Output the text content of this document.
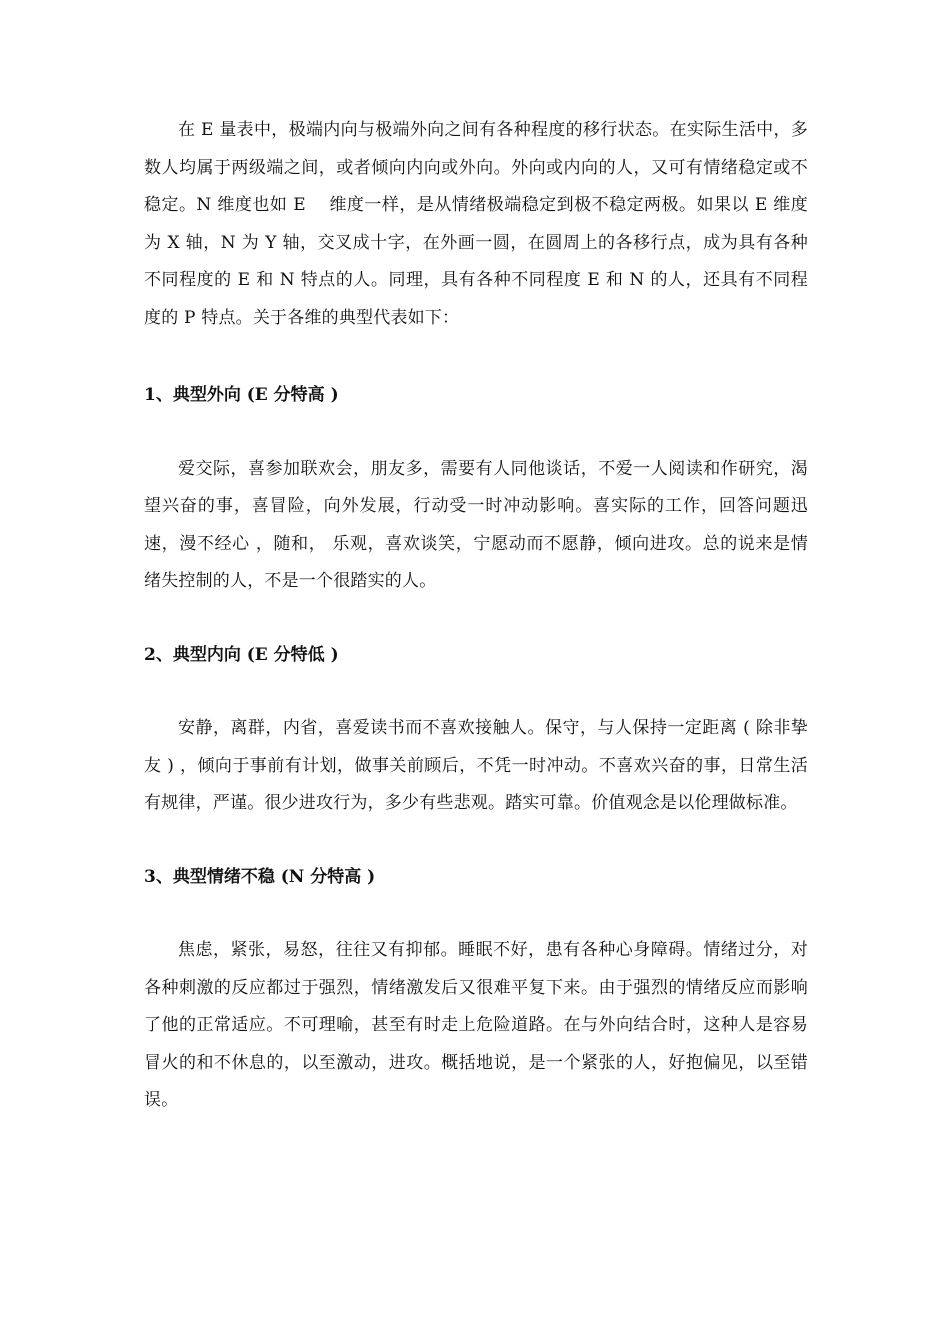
在 E 量表中，极端内向与极端外向之间有各种程度的移行状态。在实际生活中，多数人均属于两级端之间，或者倾向内向或外向。外向或内向的人，又可有情绪稳定或不稳定。N 维度也如 E　 维度一样，是从情绪极端稳定到极不稳定两极。如果以 E 维度为 X 轴，N 为 Y 轴，交叉成十字，在外画一圆，在圆周上的各移行点，成为具有各种不同程度的 E 和 N 特点的人。同理，具有各种不同程度 E 和 N 的人，还具有不同程度的 P 特点。关于各维的典型代表如下：

1、典型外向 (E 分特高 )

爱交际，喜参加联欢会，朋友多，需要有人同他谈话，不爱一人阅读和作研究，渴望兴奋的事，喜冒险，向外发展，行动受一时冲动影响。喜实际的工作，回答问题迅速，漫不经心 ，随和， 乐观，喜欢谈笑，宁愿动而不愿静，倾向进攻。总的说来是情绪失控制的人，不是一个很踏实的人。

2、典型内向 (E 分特低 )

安静，离群，内省，喜爱读书而不喜欢接触人。保守，与人保持一定距离 ( 除非挚友 ) ，倾向于事前有计划，做事关前顾后，不凭一时冲动。不喜欢兴奋的事，日常生活有规律，严谨。很少进攻行为，多少有些悲观。踏实可靠。价值观念是以伦理做标准。

3、典型情绪不稳 (N 分特高 )

焦虑，紧张，易怒，往往又有抑郁。睡眠不好，患有各种心身障碍。情绪过分，对各种刺激的反应都过于强烈，情绪激发后又很难平复下来。由于强烈的情绪反应而影响了他的正常适应。不可理喻，甚至有时走上危险道路。在与外向结合时，这种人是容易冒火的和不休息的，以至激动，进攻。概括地说，是一个紧张的人，好抱偏见，以至错误。
